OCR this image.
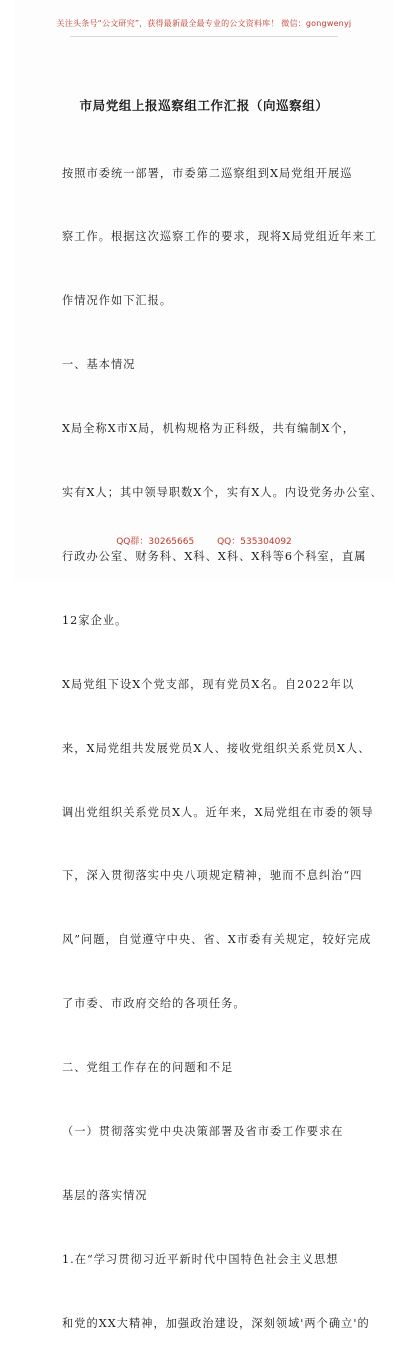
关注头条号“公文研究”，获得最新最全最专业的公文资料库！ 微信：gongwenyj
市局党组上报巡察组工作汇报（向巡察组）

按照市委统一部署，市委第二巡察组到X局党组开展巡

察工作。根据这次巡察工作的要求，现将X局党组近年来工

作情况作如下汇报。

一、基本情况

X局全称X市X局，机构规格为正科级，共有编制X个，

实有X人；其中领导职数X个，实有X人。内设党务办公室、

行政办公室、财务科、X科、X科、X科等6个科室，直属

12家企业。

X局党组下设X个党支部，现有党员X名。自2022年以

来，X局党组共发展党员X人、接收党组织关系党员X人、

调出党组织关系党员X人。近年来，X局党组在市委的领导

下，深入贯彻落实中央八项规定精神，驰而不息纠治“四

风”问题，自觉遵守中央、省、X市委有关规定，较好完成

了市委、市政府交给的各项任务。

二、党组工作存在的问题和不足

（一）贯彻落实党中央决策部署及省市委工作要求在

基层的落实情况

1.在“学习贯彻习近平新时代中国特色社会主义思想

和党的XX大精神，加强政治建设，深刻领域'两个确立'的

QQ群：30265665	QQ：535304092
